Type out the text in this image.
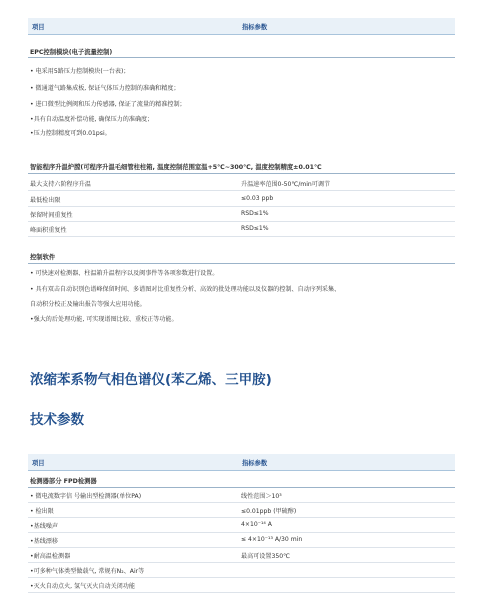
项目	指标参数
EPC控制模块(电子流量控制)
• 电采用5路压力控制模块(一台表)；
• 微通道气路集成板, 保证气体压力控制的准确和精度；
• 进口微型比例阀和压力传感器, 保证了流量的精准控制；
•具有自动温度补偿功能, 确保压力的准确度；
•压力控制精度可到0.01psi。
智能程序升温炉膛(可程序升温毛细管柱柱箱, 温度控制范围室温+5℃~300℃, 温度控制精度±0.01℃
最大支持六阶程序升温	升温速率范围0-50℃/min可调节
最低检出限	≤0.03 ppb
保留时间重复性	RSD≤1%
峰面积重复性	RSD≤1%
控制软件
• 可快速对检测器、柱温箱升温程序以及阀事件等各项参数进行设置。
• 具有双击自动识别色谱峰保留时间、多谱图对比重复性分析、高效的批处理功能以及仪器的控制、自动序列采集、
自动积分校正及输出报告等强大应用功能。
•强大的后处理功能, 可实现谱图比较、重校正等功能。
浓缩苯系物气相色谱仪(苯乙烯、三甲胺)
技术参数
项目	指标参数
检测器部分 FPD检测器
• 微电流数字信 号输出型检测器(单位PA)	线性范围＞10³
• 检出限	≤0.01ppb (甲硫醇)
•基线噪声	4×10⁻¹⁴ A
•基线漂移	≤ 4×10⁻¹³ A/30 min
•耐高温检测器	最高可设置350℃
•可多种气体类型做载气, 常规有N₂、Air等
•灭火自动点火, 氢气灭火自动关闭功能
